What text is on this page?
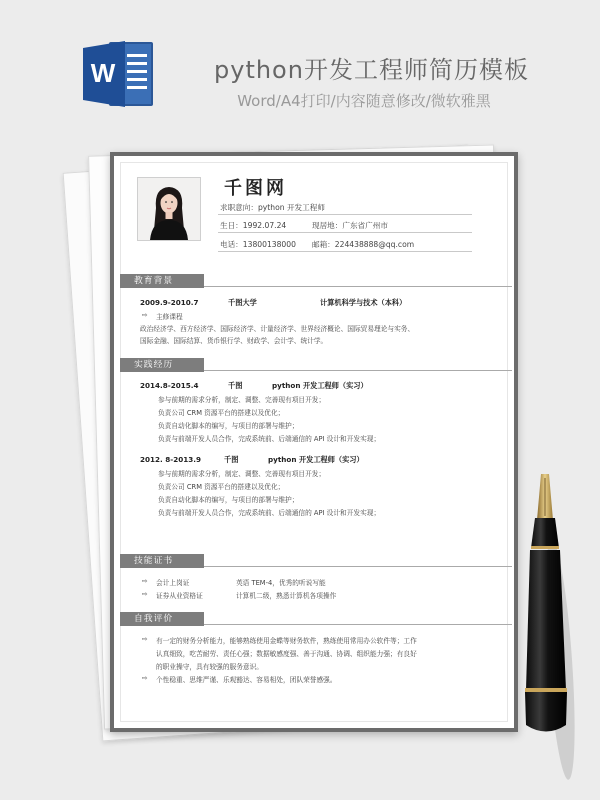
W	python开发工程师简历模板
Word/A4打印/内容随意修改/微软雅黑
千图网
求职意向：python 开发工程师
生日：1992.07.24	现居地：广东省广州市
电话：13800138000 邮箱：224438888@qq.com
教育背景
2009.9-2010.7	千图大学	计算机科学与技术（本科）
⇨ 主修课程
政治经济学、西方经济学、国际经济学、计量经济学、世界经济概论、国际贸易理论与实务、
国际金融、国际结算、货币银行学、财政学、会计学、统计学。
实践经历
2014.8-2015.4	千图	python 开发工程师（实习）
参与前期的需求分析，制定、调整、完善现有项目开发；
负责公司 CRM 资源平台的搭建以及优化；
负责自动化脚本的编写，与项目的部署与维护；
负责与前端开发人员合作，完成系统前、后端通信的 API 设计和开发实现；
2012. 8-2013.9	千图	python 开发工程师（实习）
参与前期的需求分析，制定、调整、完善现有项目开发；
负责公司 CRM 资源平台的搭建以及优化；
负责自动化脚本的编写，与项目的部署与维护；
负责与前端开发人员合作，完成系统前、后端通信的 API 设计和开发实现；
技能证书
⇨ 会计上岗证	英语 TEM-4，优秀的听说写能
⇨ 证券从业资格证	计算机二级，熟悉计算机各项操作
自我评价
⇨ 有一定的财务分析能力，能够熟练使用金蝶等财务软件，熟练使用常用办公软件等；工作
认真细致，吃苦耐劳、责任心强；数据敏感度强、善于沟通、协调、组织能力强；有良好
的职业操守，具有较强的服务意识。
⇨ 个性稳重、思维严谨、乐观豁达、容易相处，团队荣誉感强。
